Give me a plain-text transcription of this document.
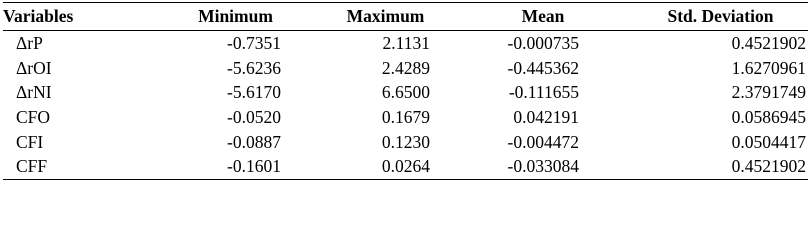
Variables	Minimum	Maximum	Mean	Std. Deviation
ΔrP	-0.7351	2.1131	-0.000735	0.4521902
ΔrOI	-5.6236	2.4289	-0.445362	1.6270961
ΔrNI	-5.6170	6.6500	-0.111655	2.3791749
CFO	-0.0520	0.1679	0.042191	0.0586945
CFI	-0.0887	0.1230	-0.004472	0.0504417
CFF	-0.1601	0.0264	-0.033084	0.4521902
